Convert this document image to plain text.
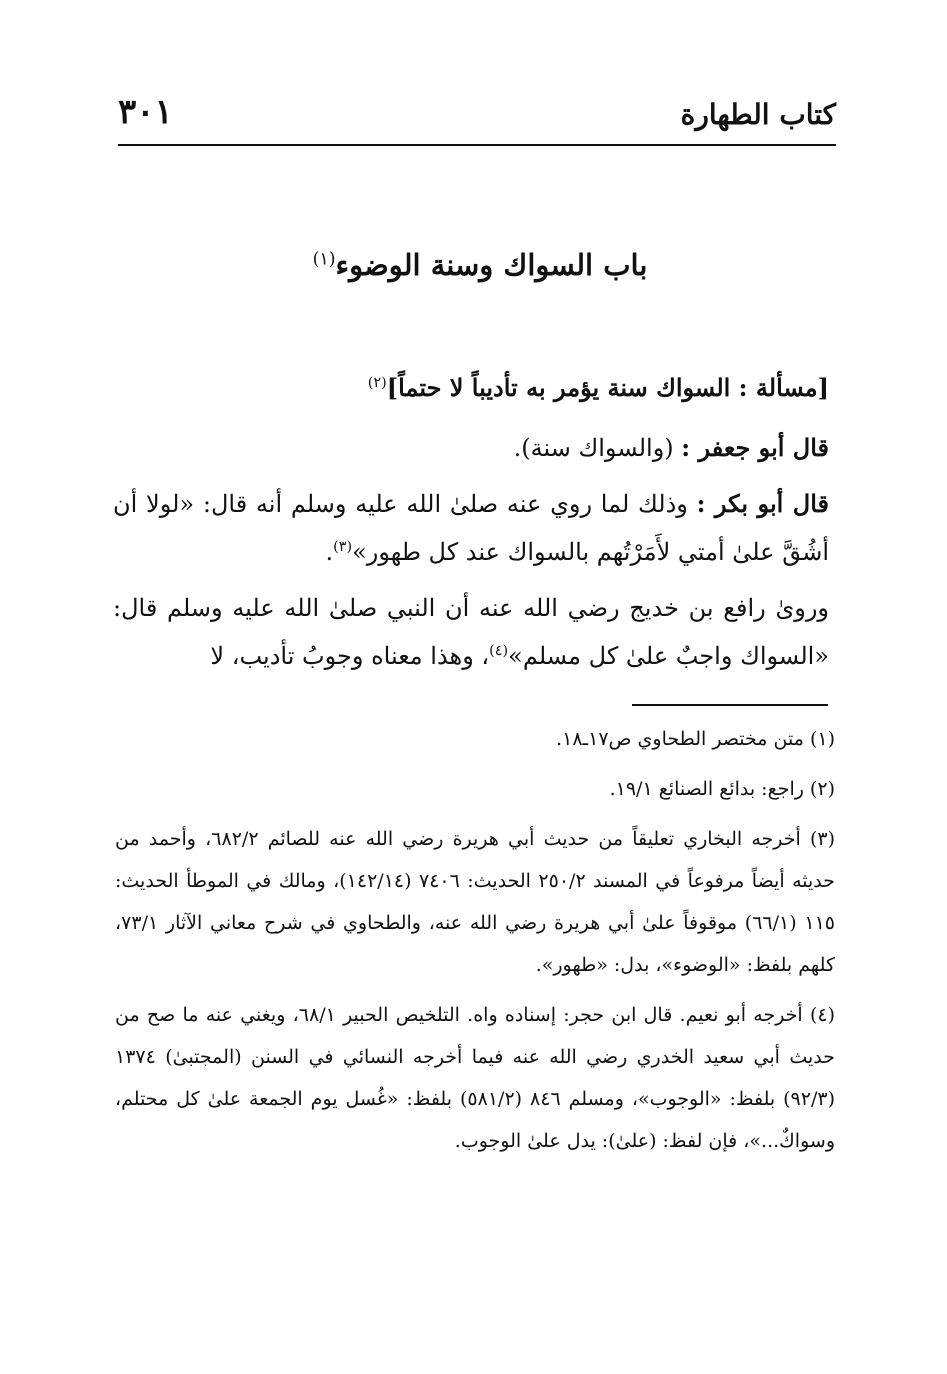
كتاب الطهارة
٣٠١
باب السواك وسنة الوضوء$^{(١)}$

[مسألة : السواك سنة يؤمر به تأديباً لا حتماً]$^{(٢)}$

قال أبو جعفر : (والسواك سنة).

قال أبو بكر : وذلك لما روي عنه صلىٰ الله عليه وسلم أنه قال: «لولا أن أشُقَّ علىٰ أمتي لأَمَرْتُهم بالسواك عند كل طهور»$^{(٣)}$.

ورویٰ رافع بن خديج رضي الله عنه أن النبي صلىٰ الله عليه وسلم قال: «السواك واجبٌ علىٰ كل مسلم»$^{(٤)}$، وهذا معناه وجوبُ تأديب، لا

(١) متن مختصر الطحاوي ص١٧ـ١٨.

(٢) راجع: بدائع الصنائع ١/‏١٩.

(٣) أخرجه البخاري تعليقاً من حديث أبي هريرة رضي الله عنه للصائم ٢/‏٦٨٢، وأحمد من حديثه أيضاً مرفوعاً في المسند ٢/‏٢٥٠ الحديث: ٧٤٠٦ (١٤/‏١٤٢)، ومالك في الموطأ الحديث: ١١٥ (١/‏٦٦) موقوفاً علىٰ أبي هريرة رضي الله عنه، والطحاوي في شرح معاني الآثار ١/‏٧٣، كلهم بلفظ: «الوضوء»، بدل: «طهور».

(٤) أخرجه أبو نعيم. قال ابن حجر: إسناده واه. التلخيص الحبير ١/‏٦٨، ويغني عنه ما صح من حديث أبي سعيد الخدري رضي الله عنه فيما أخرجه النسائي في السنن (المجتبىٰ) ١٣٧٤ (٣/‏٩٢) بلفظ: «الوجوب»، ومسلم ٨٤٦ (٢/‏٥٨١) بلفظ: «غُسل يوم الجمعة علىٰ كل محتلم، وسواكٌ...»، فإن لفظ: (علىٰ): يدل علىٰ الوجوب.
